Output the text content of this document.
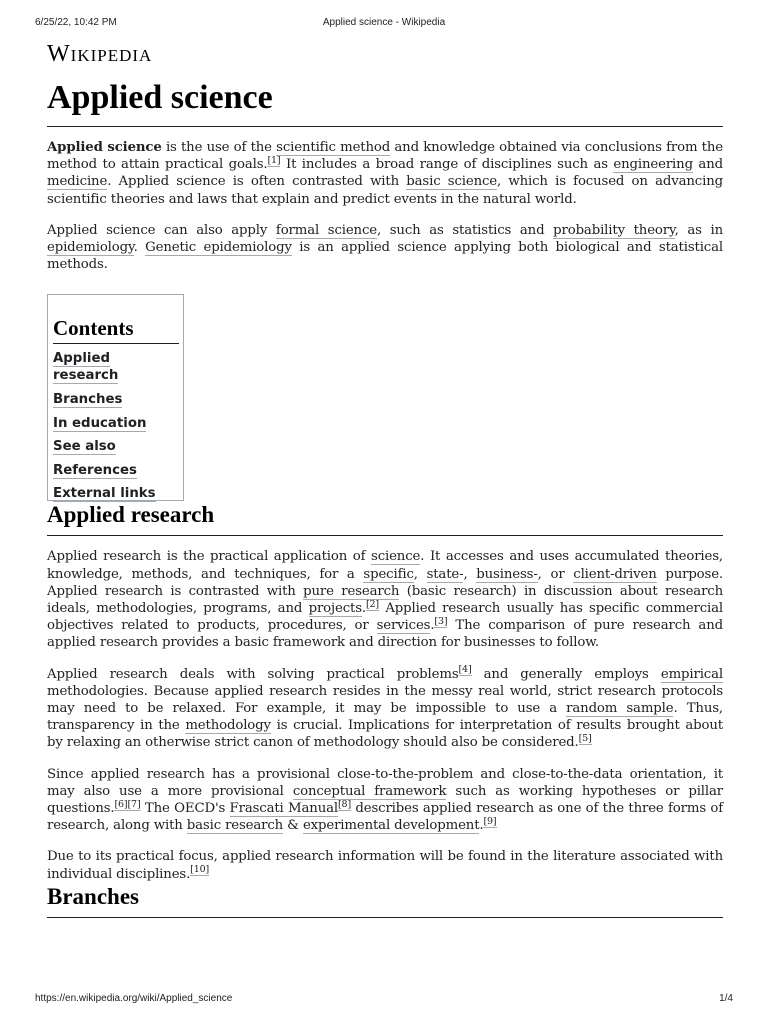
6/25/22, 10:42 PM	Applied science - Wikipedia
Wikipedia
Applied science

Applied science is the use of the scientific method and knowledge obtained via conclusions from the method to attain practical goals.[1] It includes a broad range of disciplines such as engineering and medicine. Applied science is often contrasted with basic science, which is focused on advancing scientific theories and laws that explain and predict events in the natural world.

Applied science can also apply formal science, such as statistics and probability theory, as in epidemiology. Genetic epidemiology is an applied science applying both biological and statistical methods.

Contents
Applied research
Branches
In education
See also
References
External links
Applied research

Applied research is the practical application of science. It accesses and uses accumulated theories, knowledge, methods, and techniques, for a specific, state-, business-, or client-driven purpose. Applied research is contrasted with pure research (basic research) in discussion about research ideals, methodologies, programs, and projects.[2] Applied research usually has specific commercial objectives related to products, procedures, or services.[3] The comparison of pure research and applied research provides a basic framework and direction for businesses to follow.

Applied research deals with solving practical problems[4] and generally employs empirical methodologies. Because applied research resides in the messy real world, strict research protocols may need to be relaxed. For example, it may be impossible to use a random sample. Thus, transparency in the methodology is crucial. Implications for interpretation of results brought about by relaxing an otherwise strict canon of methodology should also be considered.[5]

Since applied research has a provisional close-to-the-problem and close-to-the-data orientation, it may also use a more provisional conceptual framework such as working hypotheses or pillar questions.[6][7] The OECD's Frascati Manual[8] describes applied research as one of the three forms of research, along with basic research & experimental development.[9]

Due to its practical focus, applied research information will be found in the literature associated with individual disciplines.[10]

Branches
https://en.wikipedia.org/wiki/Applied_science	1/4
